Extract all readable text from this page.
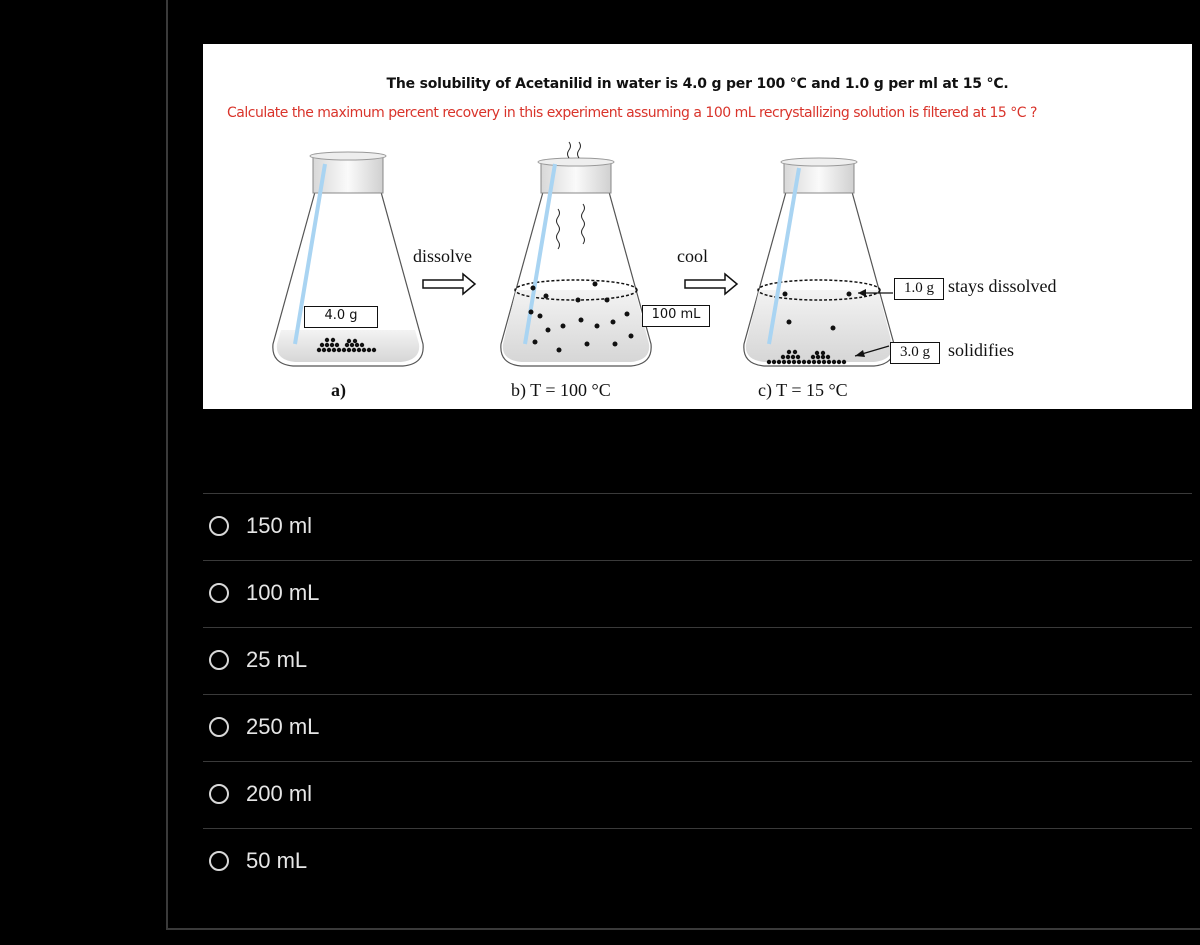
The solubility of Acetanilid in water is 4.0 g per 100 °C and 1.0 g per ml at 15 °C.
Calculate the maximum percent recovery in this experiment assuming a 100 mL recrystallizing solution is filtered at 15 °C ?
4.0 g
a)
dissolve	cool
100 mL
b) T = 100 °C
1.0 g stays dissolved
3.0 g	solidifies
c) T = 15 °C
150 ml
100 mL
25 mL
250 mL
200 ml
50 mL
